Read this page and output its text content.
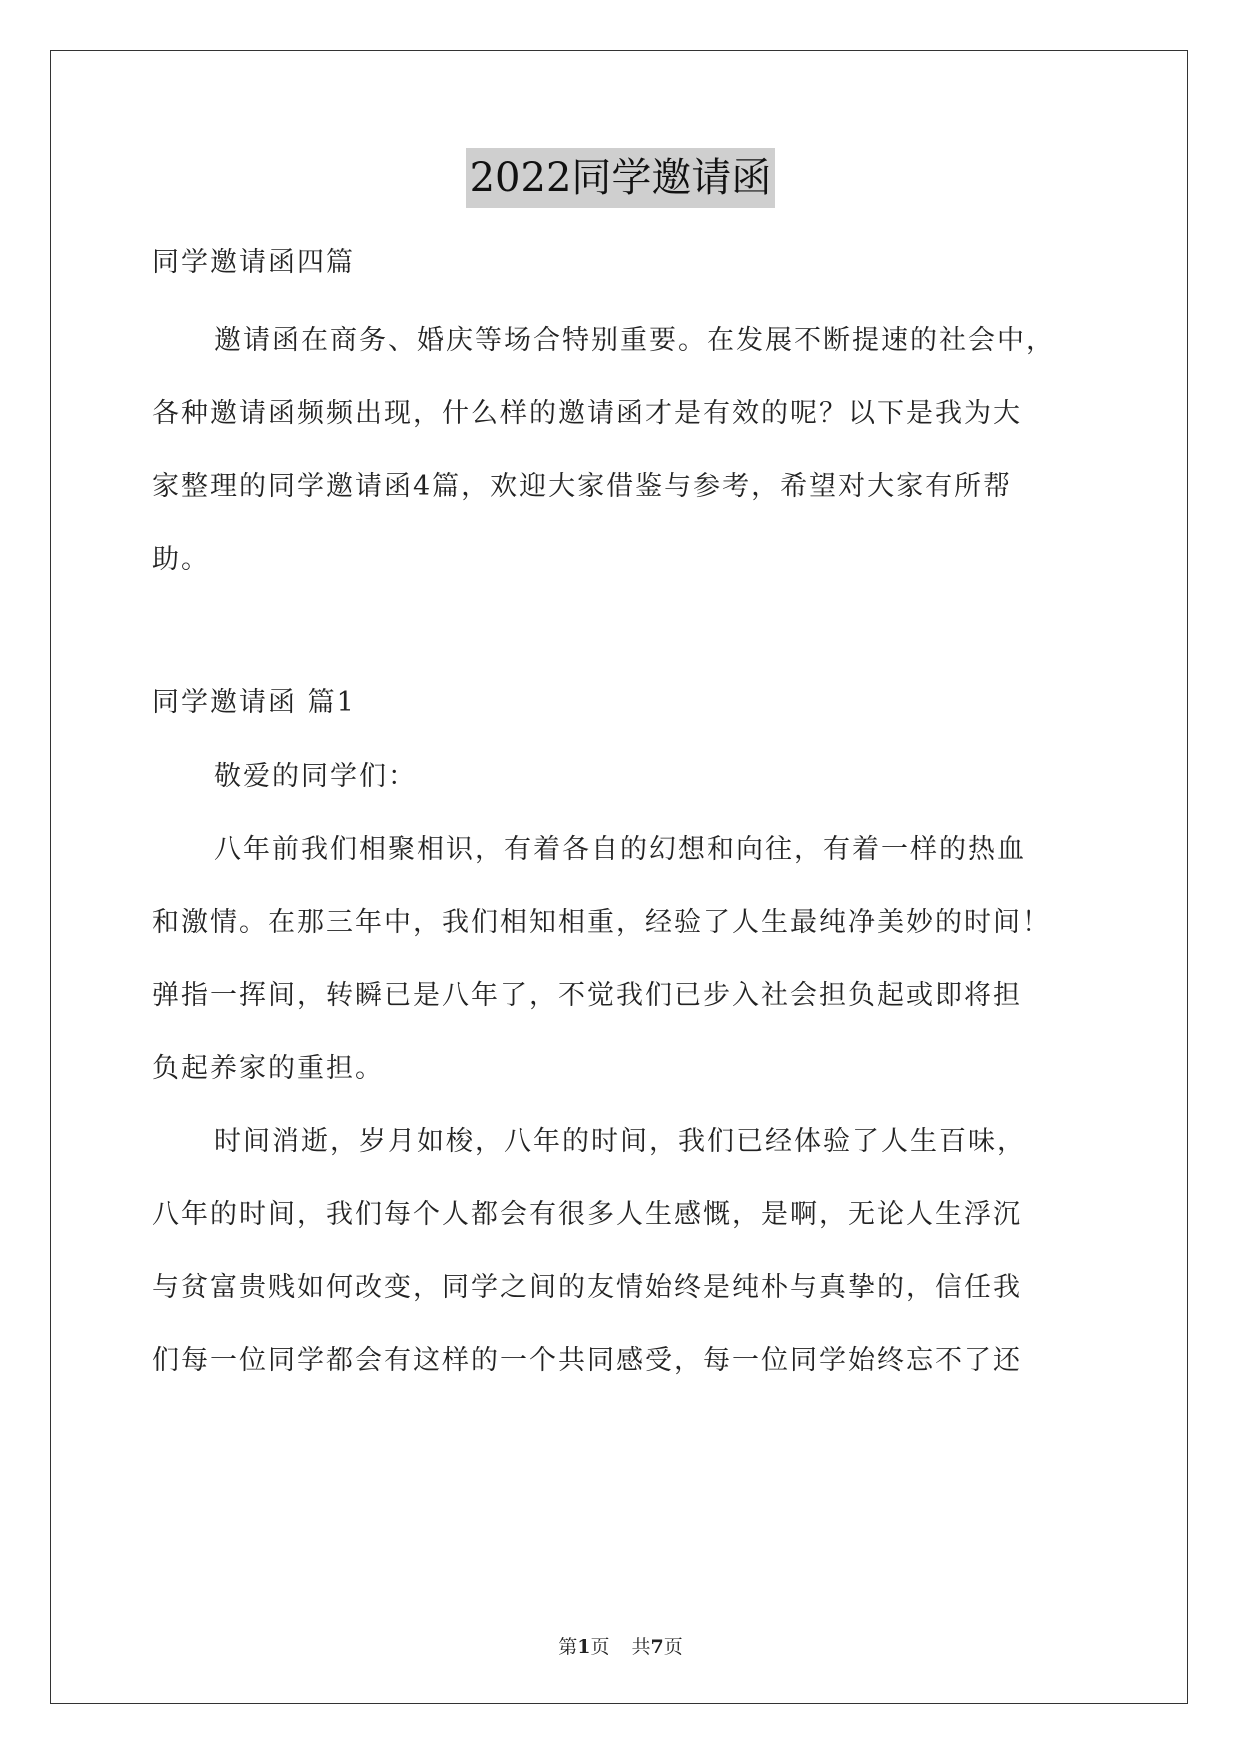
2022同学邀请函
同学邀请函四篇
邀请函在商务、婚庆等场合特别重要。在发展不断提速的社会中，
各种邀请函频频出现，什么样的邀请函才是有效的呢？以下是我为大
家整理的同学邀请函4篇，欢迎大家借鉴与参考，希望对大家有所帮
助。
同学邀请函 篇1
敬爱的同学们：
八年前我们相聚相识，有着各自的幻想和向往，有着一样的热血
和激情。在那三年中，我们相知相重，经验了人生最纯净美妙的时间！
弹指一挥间，转瞬已是八年了，不觉我们已步入社会担负起或即将担
负起养家的重担。
时间消逝，岁月如梭，八年的时间，我们已经体验了人生百味，
八年的时间，我们每个人都会有很多人生感慨，是啊，无论人生浮沉
与贫富贵贱如何改变，同学之间的友情始终是纯朴与真挚的，信任我
们每一位同学都会有这样的一个共同感受，每一位同学始终忘不了还
第1页 共7页
